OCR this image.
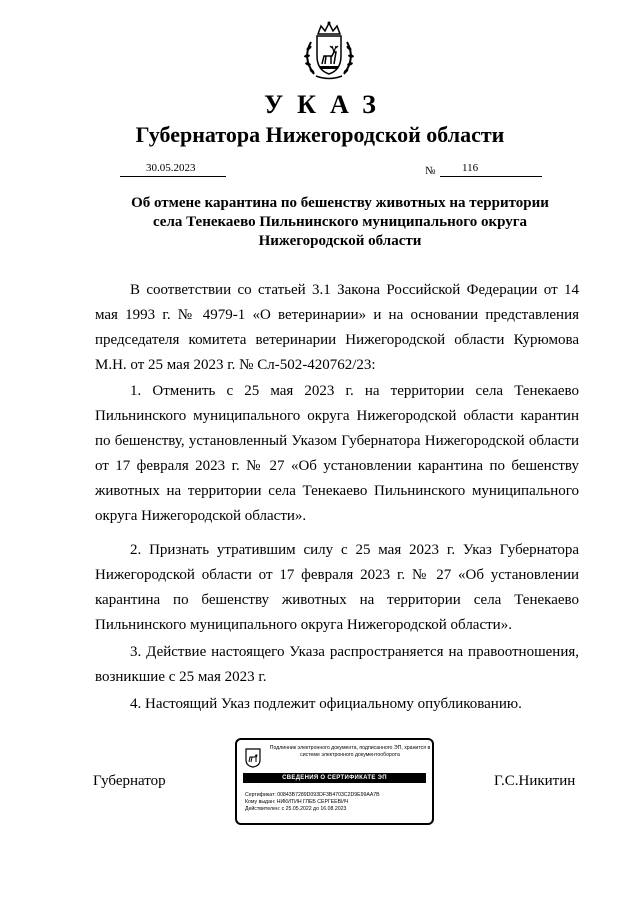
УКАЗ
Губернатора Нижегородской области
30.05.2023	№ 116
Об отмене карантина по бешенству животных на территории
села Тенекаево Пильнинского муниципального округа
Нижегородской области
В соответствии со статьей 3.1 Закона Российской Федерации от 14 мая 1993 г. № 4979-1 «О ветеринарии» и на основании представления председателя комитета ветеринарии Нижегородской области Курюмова М.Н. от 25 мая 2023 г. № Сл-502-420762/23:
1. Отменить с 25 мая 2023 г. на территории села Тенекаево Пильнинского муниципального округа Нижегородской области карантин по бешенству, установленный Указом Губернатора Нижегородской области от 17 февраля 2023 г. № 27 «Об установлении карантина по бешенству животных на территории села Тенекаево Пильнинского муниципального округа Нижегородской области».
2. Признать утратившим силу с 25 мая 2023 г. Указ Губернатора Нижегородской области от 17 февраля 2023 г. № 27 «Об установлении карантина по бешенству животных на территории села Тенекаево Пильнинского муниципального округа Нижегородской области».
3. Действие настоящего Указа распространяется на правоотношения, возникшие с 25 мая 2023 г.
4. Настоящий Указ подлежит официальному опубликованию.
Губернатор	Г.С.Никитин
Подлинник электронного документа, подписанного ЭП, хранится в системе электронного документооборота
СВЕДЕНИЯ О СЕРТИФИКАТЕ ЭП
Сертификат: 00843B7289D093DF3B4703C2D9E99AA7B
Кому выдан: НИКИТИН ГЛЕБ СЕРГЕЕВИЧ
Действителен: с 25.05.2022 до 16.08.2023
